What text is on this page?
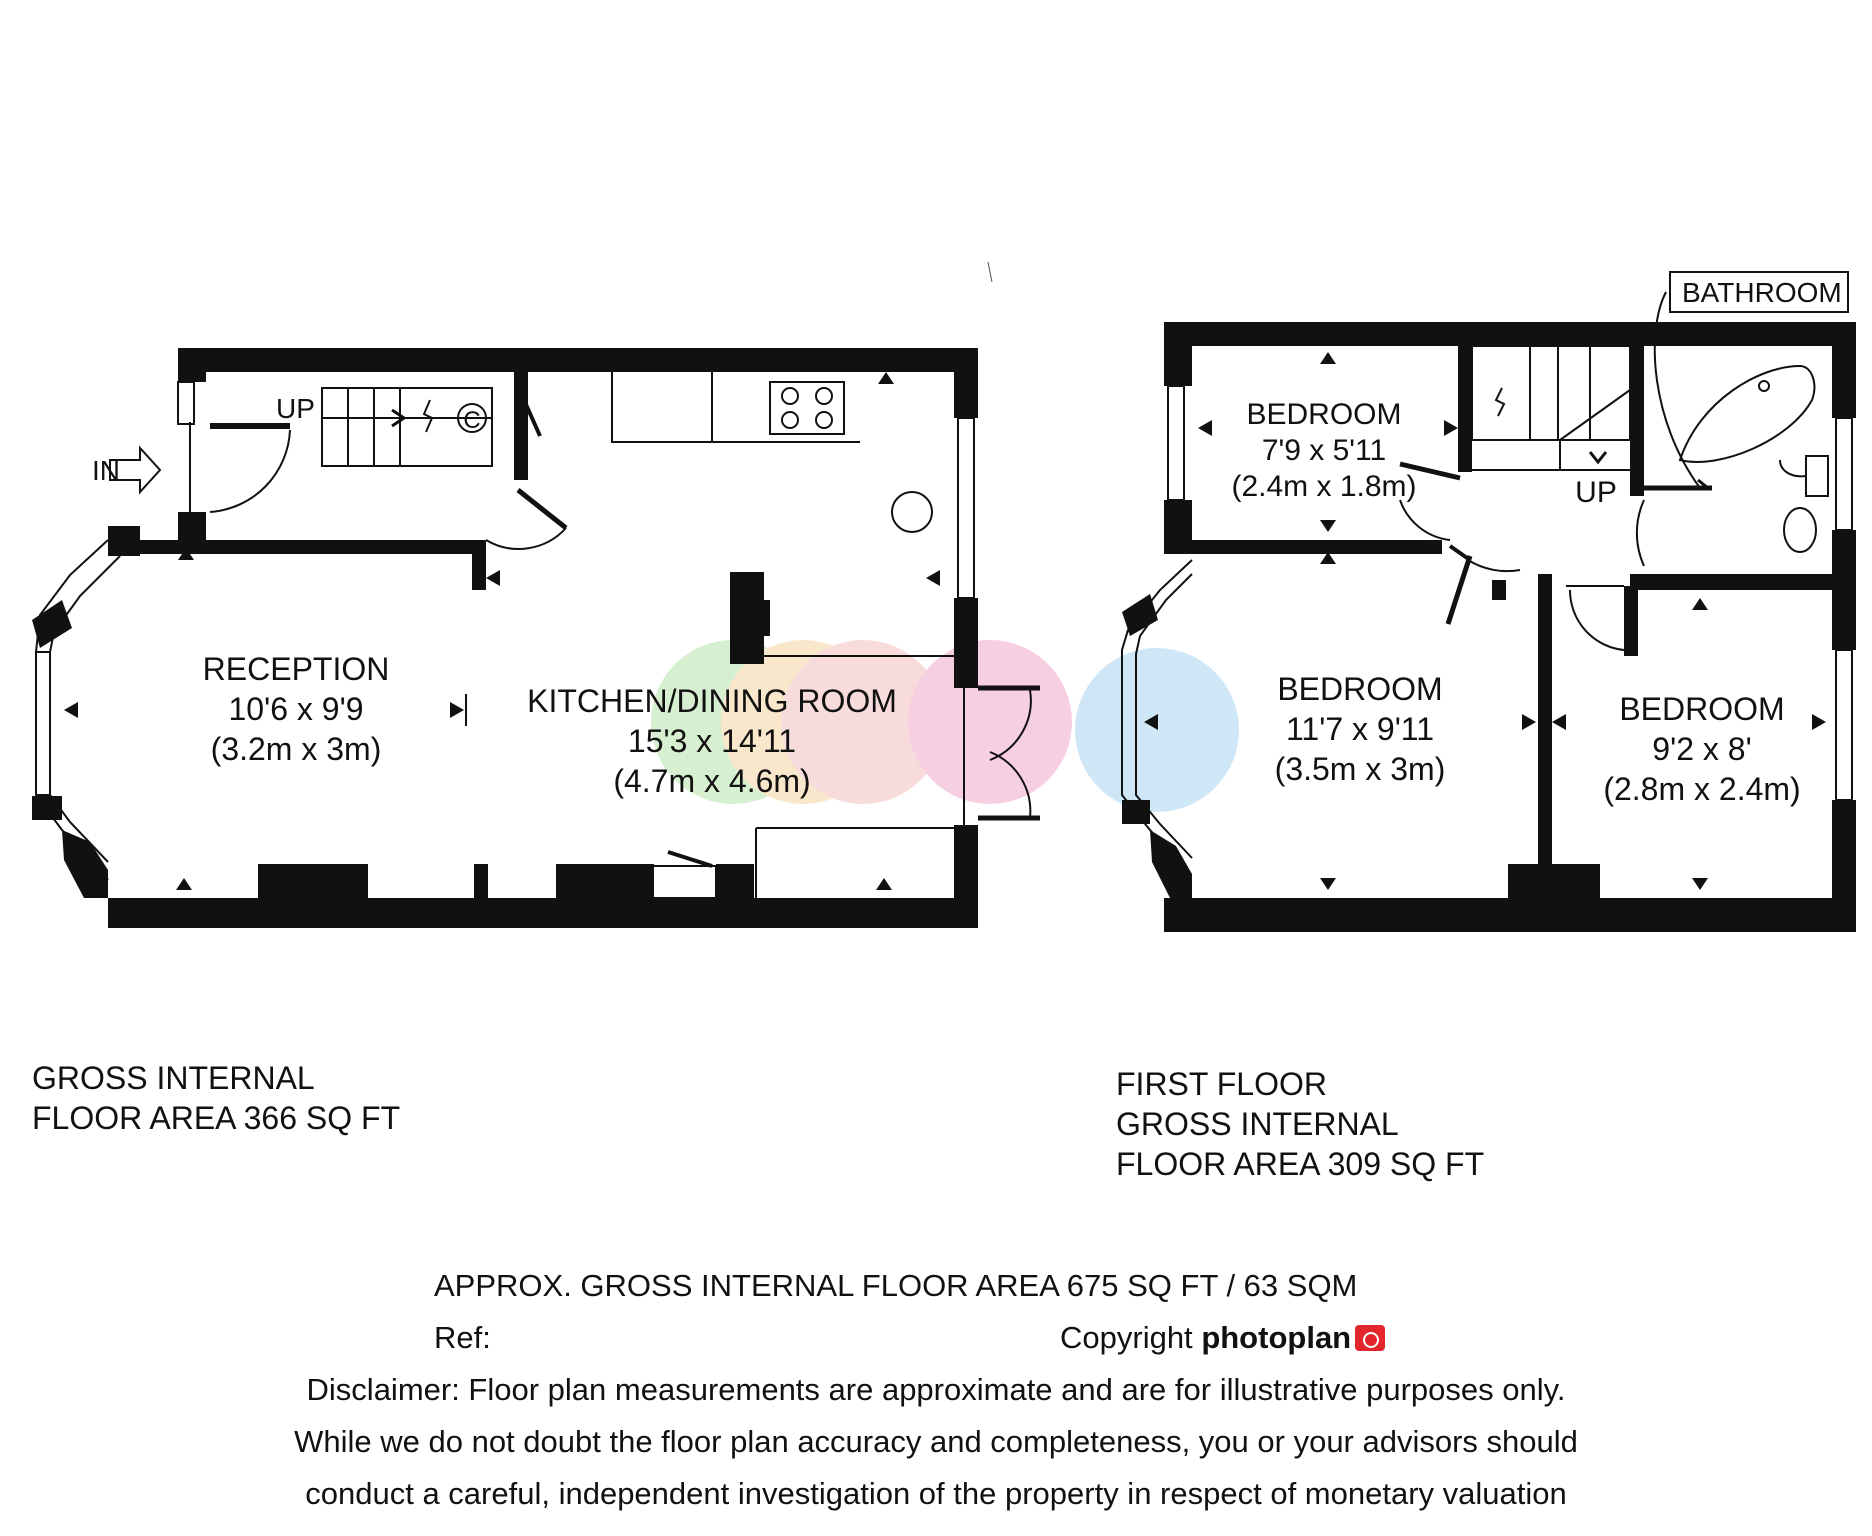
IN
UP	C
RECEPTION
10'6 x 9'9
(3.2m x 3m)
KITCHEN/DINING ROOM
15'3 x 14'11
(4.7m x 4.6m)
BATHROOM
UP
BEDROOM
7'9 x 5'11
(2.4m x 1.8m)
BEDROOM
11'7 x 9'11
(3.5m x 3m)
BEDROOM
9'2 x 8'
(2.8m x 2.4m)
GROSS INTERNAL
FLOOR AREA 366 SQ FT
FIRST FLOOR
GROSS INTERNAL
FLOOR AREA 309 SQ FT
APPROX. GROSS INTERNAL FLOOR AREA 675 SQ FT / 63 SQM
Ref:	Copyright photoplan
Disclaimer: Floor plan measurements are approximate and are for illustrative purposes only.
While we do not doubt the floor plan accuracy and completeness, you or your advisors should
conduct a careful, independent investigation of the property in respect of monetary valuation
